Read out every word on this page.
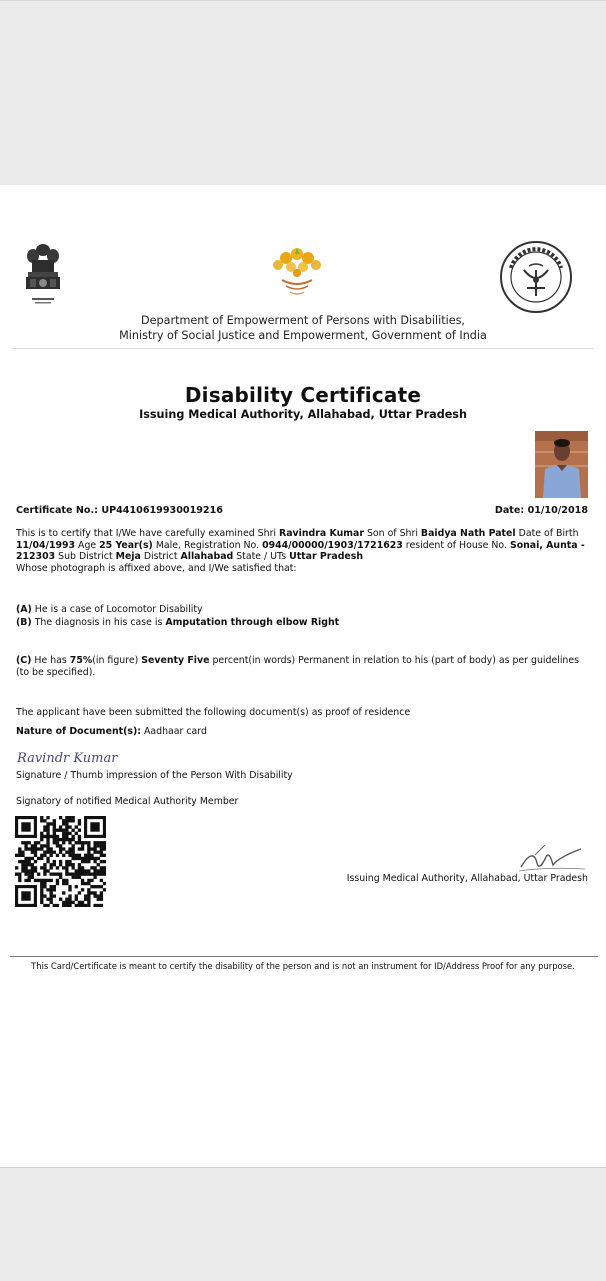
Department of Empowerment of Persons with Disabilities,
Ministry of Social Justice and Empowerment, Government of India
Disability Certificate
Issuing Medical Authority, Allahabad, Uttar Pradesh
Certificate No.: UP4410619930019216	Date: 01/10/2018
This is to certify that I/We have carefully examined Shri Ravindra Kumar Son of Shri Baidya Nath Patel Date of Birth 11/04/1993 Age 25 Year(s) Male, Registration No. 0944/00000/1903/1721623 resident of House No. Sonai, Aunta - 212303 Sub District Meja District Allahabad State / UTs Uttar Pradesh
Whose photograph is affixed above, and I/We satisfied that:
(A) He is a case of Locomotor Disability
(B) The diagnosis in his case is Amputation through elbow Right
(C) He has 75%(in figure) Seventy Five percent(in words) Permanent in relation to his (part of body) as per guidelines (to be specified).
The applicant have been submitted the following document(s) as proof of residence
Nature of Document(s): Aadhaar card
Ravindr Kumar
Signature / Thumb impression of the Person With Disability
Signatory of notified Medical Authority Member
Issuing Medical Authority, Allahabad, Uttar Pradesh
This Card/Certificate is meant to certify the disability of the person and is not an instrument for ID/Address Proof for any purpose.
